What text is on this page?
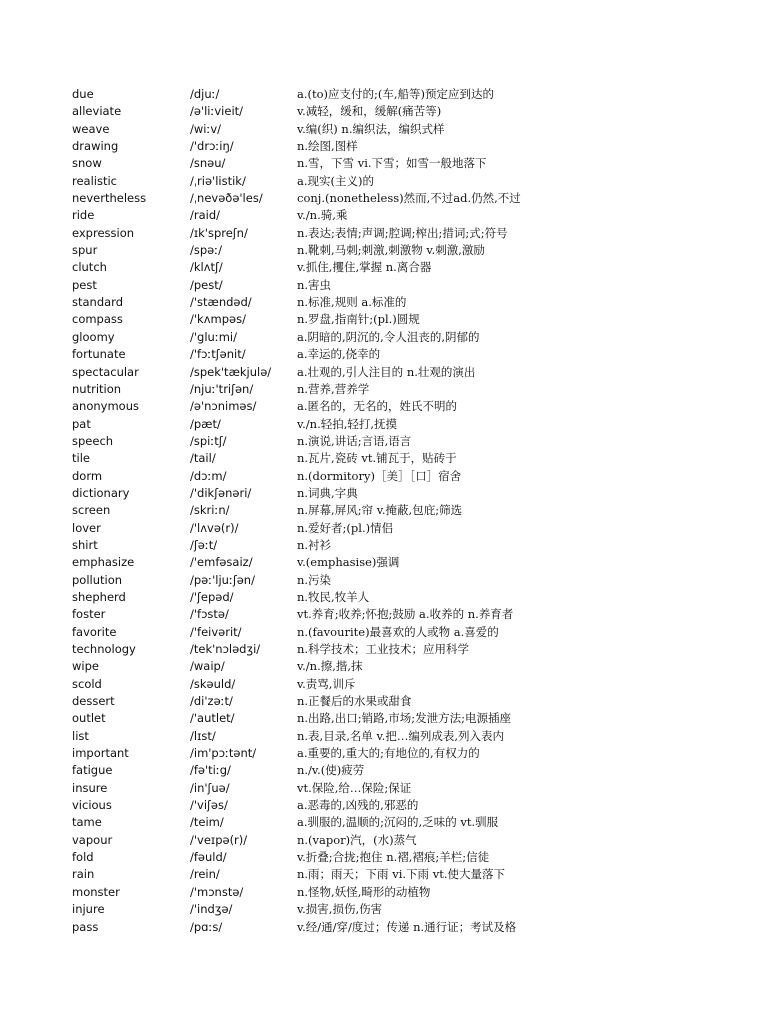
due	/djuː/	a.(to)应支付的;(车,船等)预定应到达的
alleviate	/ə'liːvieit/	v.减轻，缓和，缓解(痛苦等)
weave	/wiːv/	v.编(织) n.编织法，编织式样
drawing	/'drɔːiŋ/	n.绘图,图样
snow	/snəu/	n.雪，下雪 vi.下雪；如雪一般地落下
realistic	/ˌriə'listik/	a.现实(主义)的
nevertheless	/ˌnevəðə'les/	conj.(nonetheless)然而,不过ad.仍然,不过
ride	/raid/	v./n.骑,乘
expression	/ɪk'spreʃn/	n.表达;表情;声调;腔调;榨出;措词;式;符号
spur	/spəː/	n.靴刺,马刺;刺激,刺激物 v.刺激,激励
clutch	/klʌtʃ/	v.抓住,攫住,掌握 n.离合器
pest	/pest/	n.害虫
standard	/'stændəd/	n.标准,规则 a.标准的
compass	/'kʌmpəs/	n.罗盘,指南针;(pl.)圆规
gloomy	/'gluːmi/	a.阴暗的,阴沉的,令人沮丧的,阴郁的
fortunate	/'fɔːtʃənit/	a.幸运的,侥幸的
spectacular	/spek'tækjulə/	a.壮观的,引人注目的 n.壮观的演出
nutrition	/njuː'triʃən/	n.营养,营养学
anonymous	/ə'nɔniməs/	a.匿名的，无名的，姓氏不明的
pat	/pæt/	v./n.轻拍,轻打,抚摸
speech	/spiːtʃ/	n.演说,讲话;言语,语言
tile	/tail/	n.瓦片,瓷砖 vt.铺瓦于，贴砖于
dorm	/dɔːm/	n.(dormitory)［美］［口］宿舍
dictionary	/'dikʃənəri/	n.词典,字典
screen	/skriːn/	n.屏幕,屏风;帘 v.掩蔽,包庇;筛选
lover	/'lʌvə(r)/	n.爱好者;(pl.)情侣
shirt	/ʃəːt/	n.衬衫
emphasize	/'emfəsaiz/	v.(emphasise)强调
pollution	/pəː'ljuːʃən/	n.污染
shepherd	/'ʃepəd/	n.牧民,牧羊人
foster	/'fɔstə/	vt.养育;收养;怀抱;鼓励 a.收养的 n.养育者
favorite	/'feivərit/	n.(favourite)最喜欢的人或物 a.喜爱的
technology	/tek'nɔlədʒi/	n.科学技术；工业技术；应用科学
wipe	/waip/	v./n.擦,揩,抹
scold	/skəuld/	v.责骂,训斥
dessert	/di'zəːt/	n.正餐后的水果或甜食
outlet	/'autlet/	n.出路,出口;销路,市场;发泄方法;电源插座
list	/lɪst/	n.表,目录,名单 v.把…编列成表,列入表内
important	/im'pɔːtənt/	a.重要的,重大的;有地位的,有权力的
fatigue	/fə'tiːg/	n./v.(使)疲劳
insure	/in'ʃuə/	vt.保险,给…保险;保证
vicious	/'viʃəs/	a.恶毒的,凶残的,邪恶的
tame	/teim/	a.驯服的,温顺的;沉闷的,乏味的 vt.驯服
vapour	/'veɪpə(r)/	n.(vapor)汽，(水)蒸气
fold	/fəuld/	v.折叠;合拢;抱住 n.褶,褶痕;羊栏;信徒
rain	/rein/	n.雨；雨天；下雨 vi.下雨 vt.使大量落下
monster	/'mɔnstə/	n.怪物,妖怪,畸形的动植物
injure	/'indʒə/	v.损害,损伤,伤害
pass	/pɑːs/	v.经/通/穿/度过；传递 n.通行证；考试及格
